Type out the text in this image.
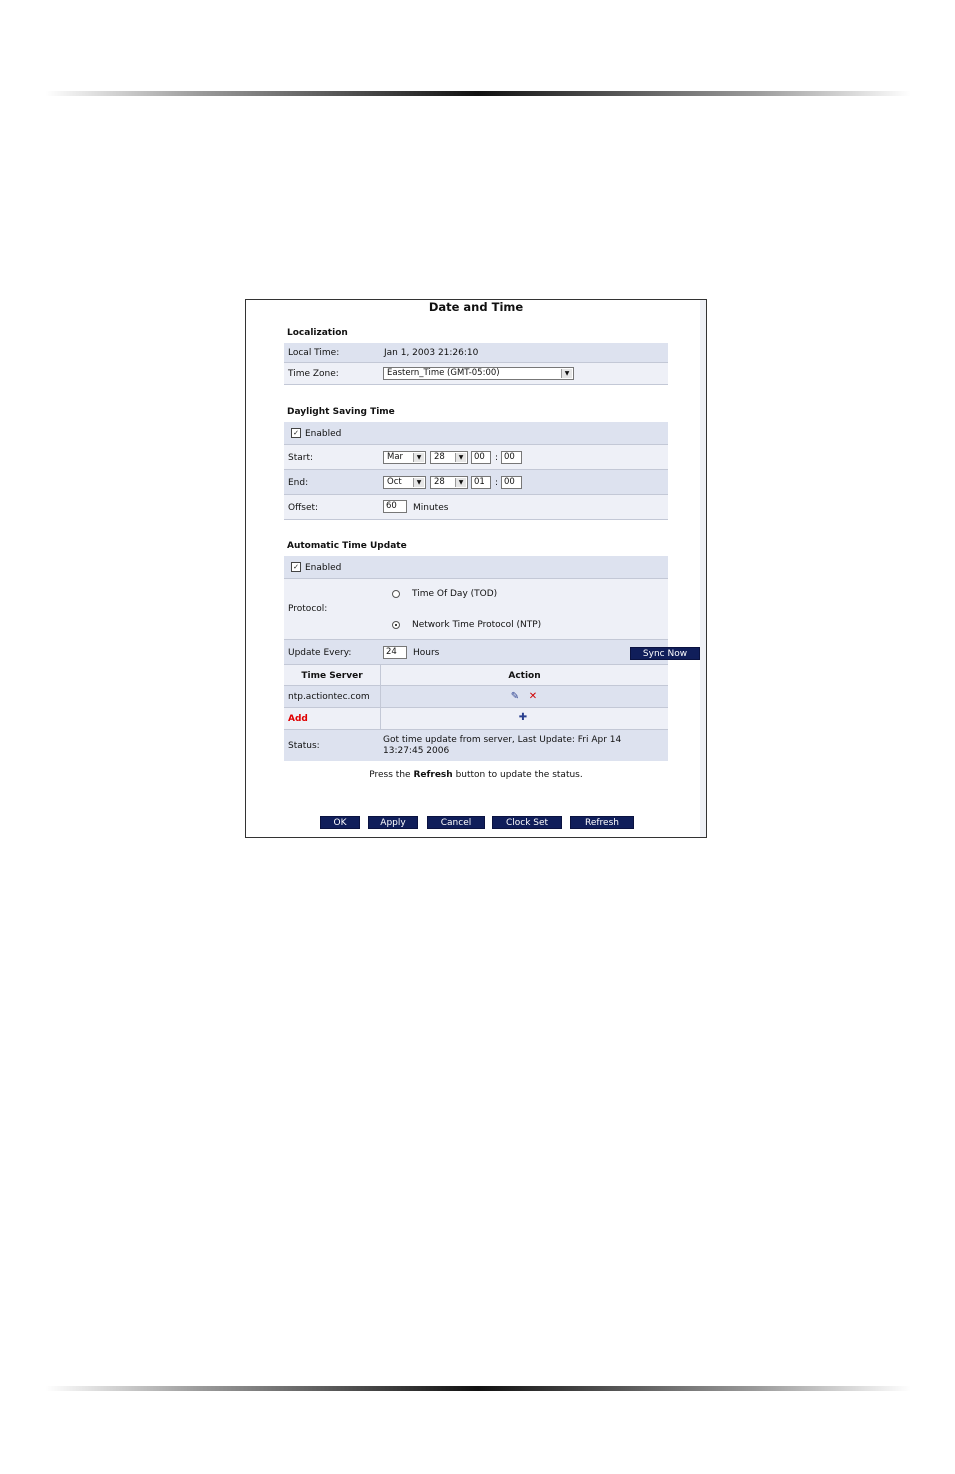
Date and Time
Localization
Local Time:	Jan 1, 2003 21:26:10
Time Zone:	Eastern_Time (GMT-05:00)	▼
Daylight Saving Time
✓ Enabled
Start:	Mar	▼	28	▼	00	: 00
End:	Oct	▼	28	▼	01	: 00
Offset:	60	Minutes
Automatic Time Update
✓ Enabled
Protocol:
Time Of Day (TOD)
Network Time Protocol (NTP)
Update Every:	24	Hours	Sync Now
Time Server	Action
ntp.actiontec.com	✎ ✕
Add	✚
Status:
Got time update from server, Last Update: Fri Apr 14
13:27:45 2006
Press the Refresh button to update the status.
OK	Apply	Cancel	Clock Set	Refresh
